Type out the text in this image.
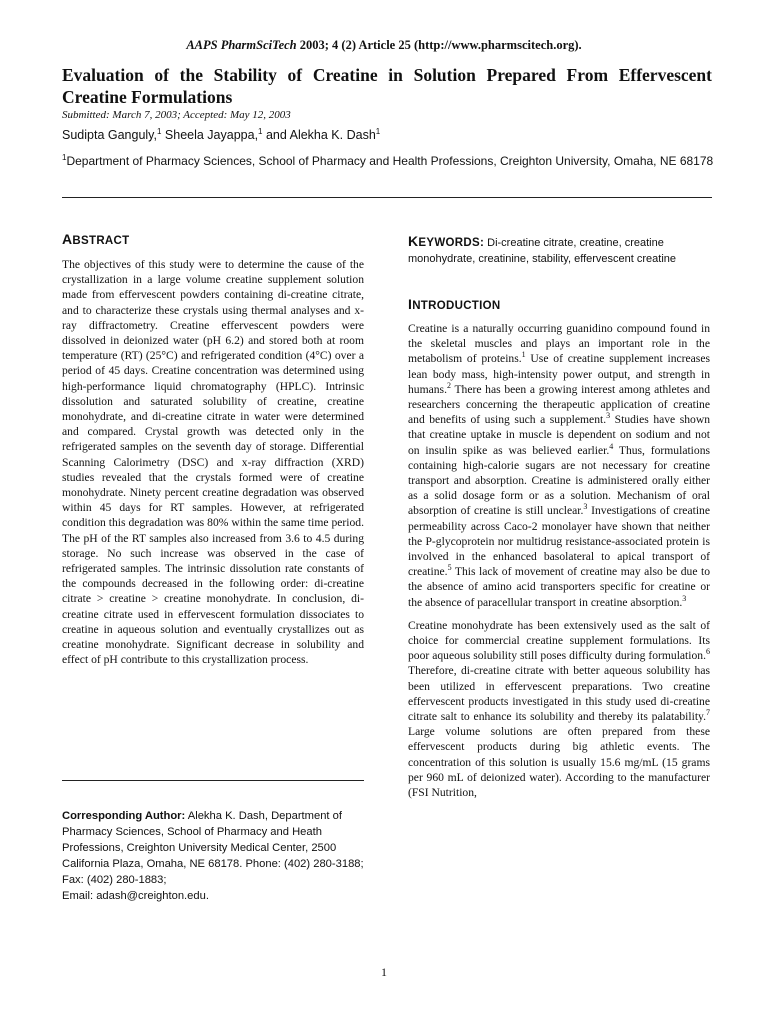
AAPS PharmSciTech 2003; 4 (2) Article 25 (http://www.pharmscitech.org).
Evaluation of the Stability of Creatine in Solution Prepared From Effervescent Creatine Formulations
Submitted: March 7, 2003; Accepted: May 12, 2003
Sudipta Ganguly,$^1$ Sheela Jayappa,$^1$ and Alekha K. Dash$^1$
$^1$Department of Pharmacy Sciences, School of Pharmacy and Health Professions, Creighton University, Omaha, NE 68178
ABSTRACT

The objectives of this study were to determine the cause of the crystallization in a large volume creatine supplement solution made from effervescent powders containing di-creatine citrate, and to characterize these crystals using thermal analyses and x-ray diffractometry. Creatine effervescent powders were dissolved in deionized water (pH 6.2) and stored both at room temperature (RT) (25°C) and refrigerated condition (4°C) over a period of 45 days. Creatine concentration was determined using high-performance liquid chromatography (HPLC). Intrinsic dissolution and saturated solubility of creatine, creatine monohydrate, and di-creatine citrate in water were determined and compared. Crystal growth was detected only in the refrigerated samples on the seventh day of storage. Differential Scanning Calorimetry (DSC) and x-ray diffraction (XRD) studies revealed that the crystals formed were of creatine monohydrate. Ninety percent creatine degradation was observed within 45 days for RT samples. However, at refrigerated condition this degradation was 80% within the same time period. The pH of the RT samples also increased from 3.6 to 4.5 during storage. No such increase was observed in the case of refrigerated samples. The intrinsic dissolution rate constants of the compounds decreased in the following order: di-creatine citrate > creatine > creatine monohydrate. In conclusion, di-creatine citrate used in effervescent formulation dissociates to creatine in aqueous solution and eventually crystallizes out as creatine monohydrate. Significant decrease in solubility and effect of pH contribute to this crystallization process.

Corresponding Author: Alekha K. Dash, Department of Pharmacy Sciences, School of Pharmacy and Heath Professions, Creighton University Medical Center, 2500 California Plaza, Omaha, NE 68178. Phone: (402) 280-3188; Fax: (402) 280-1883;
Email: adash@creighton.edu.
KEYWORDS: Di-creatine citrate, creatine, creatine monohydrate, creatinine, stability, effervescent creatine
INTRODUCTION

Creatine is a naturally occurring guanidino compound found in the skeletal muscles and plays an important role in the metabolism of proteins.$^1$ Use of creatine supplement increases lean body mass, high-intensity power output, and strength in humans.$^2$ There has been a growing interest among athletes and researchers concerning the therapeutic application of creatine and benefits of using such a supplement.$^3$ Studies have shown that creatine uptake in muscle is dependent on sodium and not on insulin spike as was believed earlier.$^4$ Thus, formulations containing high-calorie sugars are not necessary for creatine transport and absorption. Creatine is administered orally either as a solid dosage form or as a solution. Mechanism of oral absorption of creatine is still unclear.$^3$ Investigations of creatine permeability across Caco-2 monolayer have shown that neither the P-glycoprotein nor multidrug resistance-associated protein is involved in the enhanced basolateral to apical transport of creatine.$^5$ This lack of movement of creatine may also be due to the absence of amino acid transporters specific for creatine or the absence of paracellular transport in creatine absorption.$^3$

Creatine monohydrate has been extensively used as the salt of choice for commercial creatine supplement formulations. Its poor aqueous solubility still poses difficulty during formulation.$^6$ Therefore, di-creatine citrate with better aqueous solubility has been utilized in effervescent preparations. Two creatine effervescent products investigated in this study used di-creatine citrate salt to enhance its solubility and thereby its palatability.$^7$ Large volume solutions are often prepared from these effervescent products during big athletic events. The concentration of this solution is usually 15.6 mg/mL (15 grams per 960 mL of deionized water). According to the manufacturer (FSI Nutrition,

1
